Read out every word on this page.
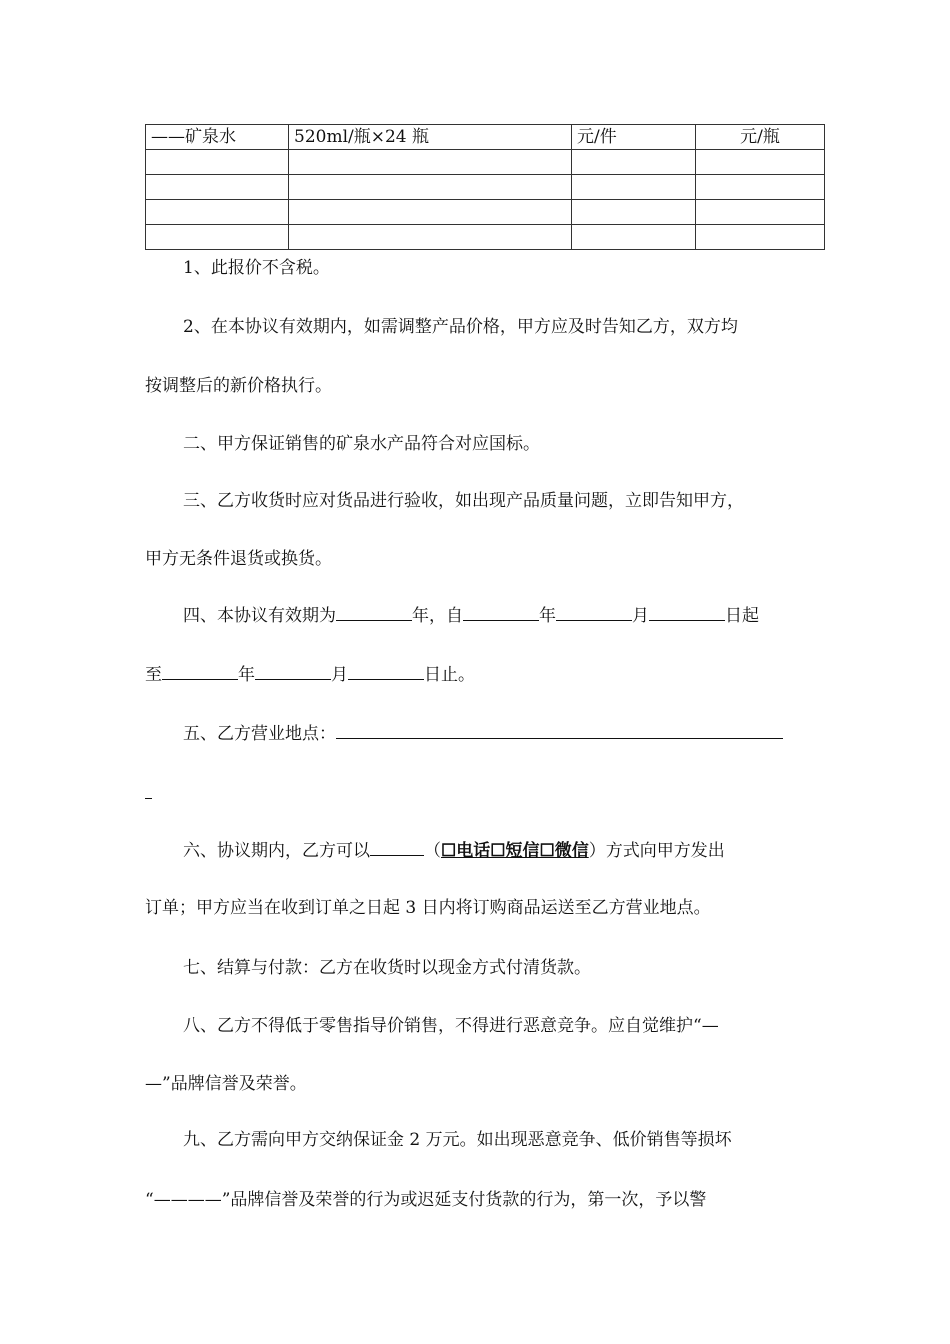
——矿泉水	520ml/瓶×24 瓶	元/件	元/瓶

1、此报价不含税。

2、在本协议有效期内，如需调整产品价格，甲方应及时告知乙方，双方均

按调整后的新价格执行。

二、甲方保证销售的矿泉水产品符合对应国标。

三、乙方收货时应对货品进行验收，如出现产品质量问题，立即告知甲方，

甲方无条件退货或换货。

四、本协议有效期为	年，自	年	月	日起

至	年	月	日止。

五、乙方营业地点：

六、协议期内，乙方可以	（☐电话☐短信☐微信）方式向甲方发出

订单；甲方应当在收到订单之日起 3 日内将订购商品运送至乙方营业地点。

七、结算与付款：乙方在收货时以现金方式付清货款。

八、乙方不得低于零售指导价销售，不得进行恶意竞争。应自觉维护“—

—”品牌信誉及荣誉。

九、乙方需向甲方交纳保证金 2 万元。如出现恶意竞争、低价销售等损坏

“————”品牌信誉及荣誉的行为或迟延支付货款的行为，第一次，予以警
